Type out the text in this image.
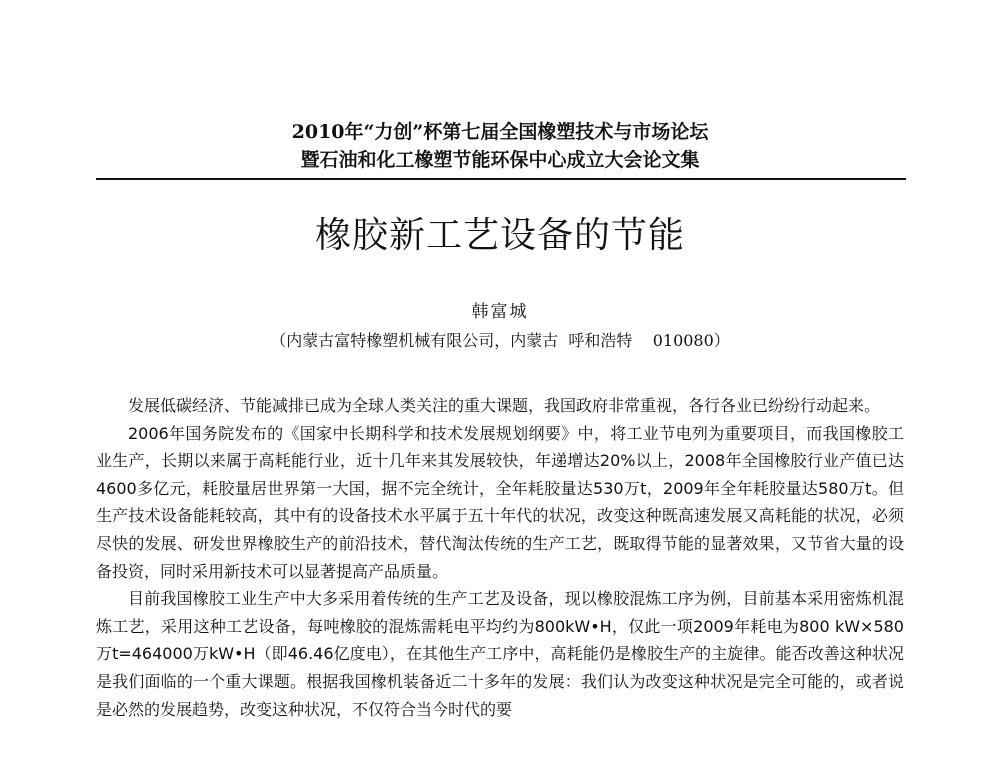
2010年“力创”杯第七届全国橡塑技术与市场论坛
暨石油和化工橡塑节能环保中心成立大会论文集
橡胶新工艺设备的节能
韩富城
（内蒙古富特橡塑机械有限公司，内蒙古  呼和浩特    010080）

发展低碳经济、节能减排已成为全球人类关注的重大课题，我国政府非常重视，各行各业已纷纷行动起来。

2006年国务院发布的《国家中长期科学和技术发展规划纲要》中，将工业节电列为重要项目，而我国橡胶工业生产，长期以来属于高耗能行业，近十几年来其发展较快，年递增达20%以上，2008年全国橡胶行业产值已达4600多亿元，耗胶量居世界第一大国，据不完全统计，全年耗胶量达530万t，2009年全年耗胶量达580万t。但生产技术设备能耗较高，其中有的设备技术水平属于五十年代的状况，改变这种既高速发展又高耗能的状况，必须尽快的发展、研发世界橡胶生产的前沿技术，替代淘汰传统的生产工艺，既取得节能的显著效果，又节省大量的设备投资，同时采用新技术可以显著提高产品质量。

目前我国橡胶工业生产中大多采用着传统的生产工艺及设备，现以橡胶混炼工序为例，目前基本采用密炼机混炼工艺，采用这种工艺设备，每吨橡胶的混炼需耗电平均约为800kW•H，仅此一项2009年耗电为800 kW×580万t=464000万kW•H（即46.46亿度电），在其他生产工序中，高耗能仍是橡胶生产的主旋律。能否改善这种状况是我们面临的一个重大课题。根据我国橡机装备近二十多年的发展：我们认为改变这种状况是完全可能的，或者说是必然的发展趋势，改变这种状况，不仅符合当今时代的要
